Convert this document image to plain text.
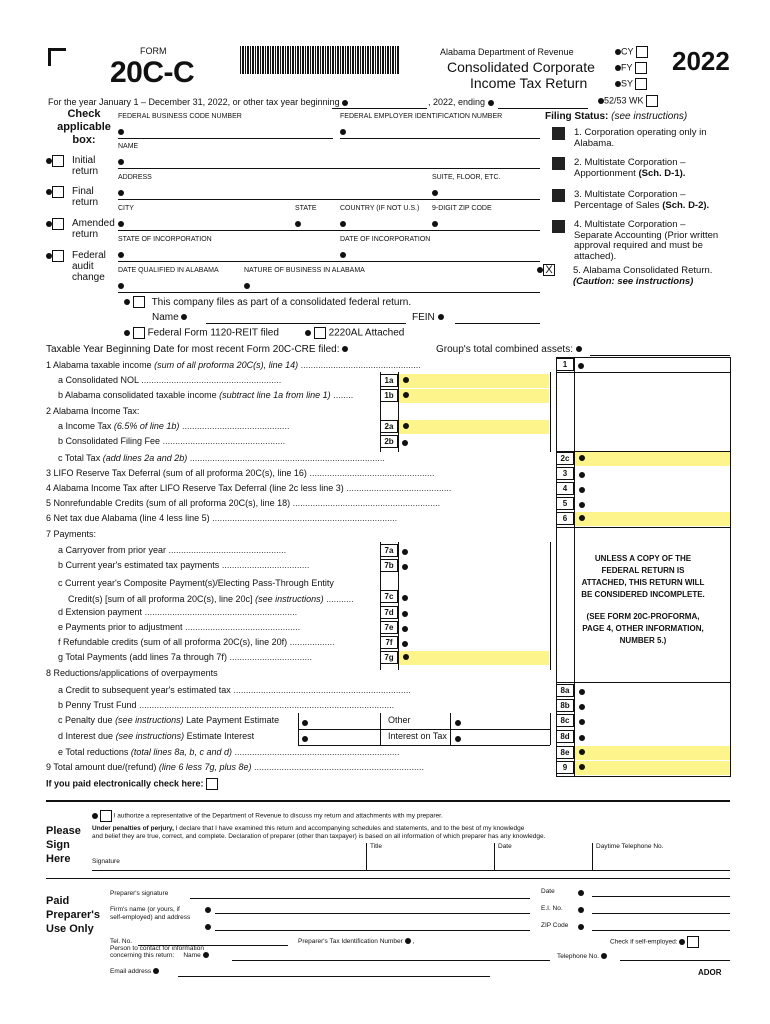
FORM
20C-C
Alabama Department of Revenue
Consolidated Corporate
Income Tax Return
CY
FY
SY
2022
52/53 WK
For the year January 1 – December 31, 2022, or other tax year beginning	, 2022, ending
Check
applicable
box:
Initial
return
Final
return
Amended
return
Federal
audit
change
FEDERAL BUSINESS CODE NUMBER	FEDERAL EMPLOYER IDENTIFICATION NUMBER
NAME
ADDRESS	SUITE, FLOOR, ETC.
CITY	STATE	COUNTRY (IF NOT U.S.) 9-DIGIT ZIP CODE
STATE OF INCORPORATION	DATE OF INCORPORATION
DATE QUALIFIED IN ALABAMA	NATURE OF BUSINESS IN ALABAMA
Filing Status: (see instructions)
1. Corporation operating only in Alabama.
2. Multistate Corporation –
Apportionment (Sch. D-1).
3. Multistate Corporation –
Percentage of Sales (Sch. D-2).
4. Multistate Corporation – Separate Accounting (Prior written approval required and must be attached).
X 5. Alabama Consolidated Return.
(Caution: see instructions)
This company files as part of a consolidated federal return.
Name	FEIN
Federal Form 1120-REIT filed	2220AL Attached
Taxable Year Beginning Date for most recent Form 20C-CRE filed:	Group's total combined assets:
1 Alabama taxable income (sum of all proforma 20C(s), line 14) ................................................	1
a Consolidated NOL ........................................................	1a
b Alabama consolidated taxable income (subtract line 1a from line 1) ........	1b
2 Alabama Income Tax:
a Income Tax (6.5% of line 1b) ...........................................	2a
b Consolidated Filing Fee .................................................	2b
c Total Tax (add lines 2a and 2b) ..............................................................................	2c
3 LIFO Reserve Tax Deferral (sum of all proforma 20C(s), line 16) ..................................................	3
4 Alabama Income Tax after LIFO Reserve Tax Deferral (line 2c less line 3) ..........................................	4
5 Nonrefundable Credits (sum of all proforma 20C(s), line 18) ...........................................................	5
6 Net tax due Alabama (line 4 less line 5) ..........................................................................	6
7 Payments:
a Carryover from prior year ...............................................	7a
b Current year's estimated tax payments ...................................	7b
c Current year's Composite Payment(s)/Electing Pass-Through Entity
Credit(s) [sum of all proforma 20C(s), line 20c] (see instructions) ...........	7c
d Extension payment .............................................................	7d
e Payments prior to adjustment ..............................................	7e
f Refundable credits (sum of all proforma 20C(s), line 20f) ..................	7f
g Total Payments (add lines 7a through 7f) .................................	7g
UNLESS A COPY OF THE
FEDERAL RETURN IS
ATTACHED, THIS RETURN WILL
BE CONSIDERED INCOMPLETE.
(SEE FORM 20C-PROFORMA,
PAGE 4, OTHER INFORMATION,
NUMBER 5.)
8 Reductions/applications of overpayments
a Credit to subsequent year's estimated tax .......................................................................	8a
b Penny Trust Fund ......................................................................................................	8b
c Penalty due (see instructions) Late Payment Estimate	Other	8c
d Interest due (see instructions) Estimate Interest	Interest on Tax	8d
e Total reductions (total lines 8a, b, c and d) ..................................................................	8e
9 Total amount due/(refund) (line 6 less 7g, plus 8e) ....................................................................	9
If you paid electronically check here:
I authorize a representative of the Department of Revenue to discuss my return and attachments with my preparer.
Please
Sign
Here
Under penalties of perjury, I declare that I have examined this return and accompanying schedules and statements, and to the best of my knowledge
and belief they are true, correct, and complete. Declaration of preparer (other than taxpayer) is based on all information of which preparer has any knowledge.
Title	Date	Daytime Telephone No.
Signature
Paid
Preparer's
Use Only
Preparer's signature	Date
Firm's name (or yours, if
self-employed) and address
E.I. No.
ZIP Code
Tel. No.	Preparer's Tax Identification Number  ,	Check if self-employed:
Person to contact for information
concerning this return: Name	Telephone No.
Email address	ADOR
